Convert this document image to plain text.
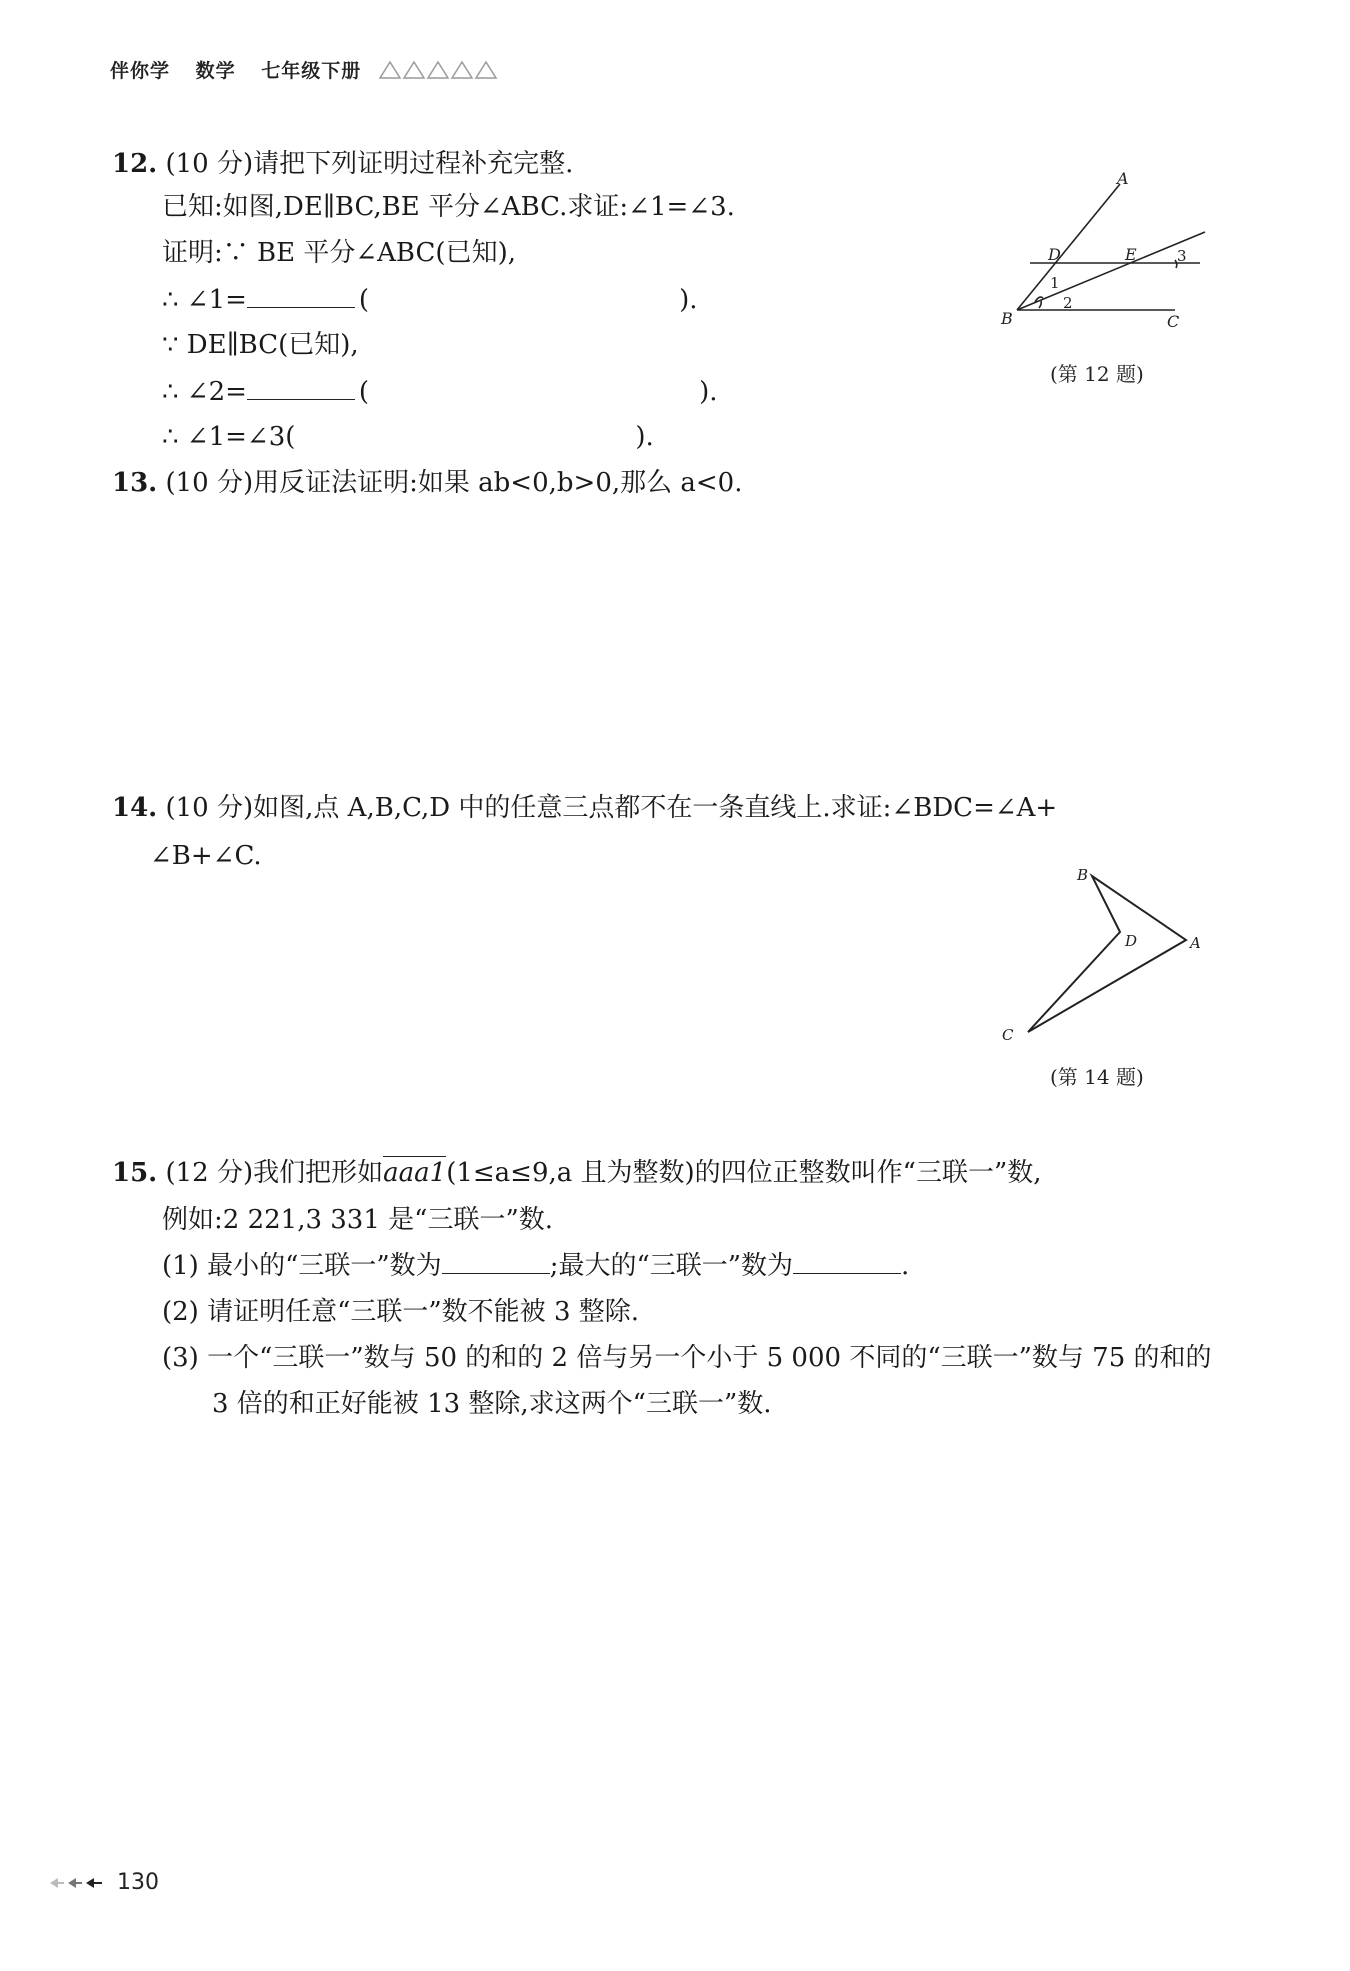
伴你学 数学 七年级下册
12. (10 分)请把下列证明过程补充完整.
已知:如图,DE∥BC,BE 平分∠ABC.求证:∠1=∠3.
证明:∵ BE 平分∠ABC(已知),
∴ ∠1=	(	).
∵ DE∥BC(已知),
∴ ∠2=	(	).
∴ ∠1=∠3(	).
A
B	C
D	E
1
2
3
(第 12 题)
13. (10 分)用反证法证明:如果 ab<0,b>0,那么 a<0.
14. (10 分)如图,点 A,B,C,D 中的任意三点都不在一条直线上.求证:∠BDC=∠A+
∠B+∠C.
B
A
C
D
(第 14 题)
15. (12 分)我们把形如aaa1(1≤a≤9,a 且为整数)的四位正整数叫作“三联一”数,
例如:2 221,3 331 是“三联一”数.
(1) 最小的“三联一”数为	;最大的“三联一”数为	.
(2) 请证明任意“三联一”数不能被 3 整除.
(3) 一个“三联一”数与 50 的和的 2 倍与另一个小于 5 000 不同的“三联一”数与 75 的和的
3 倍的和正好能被 13 整除,求这两个“三联一”数.
130
